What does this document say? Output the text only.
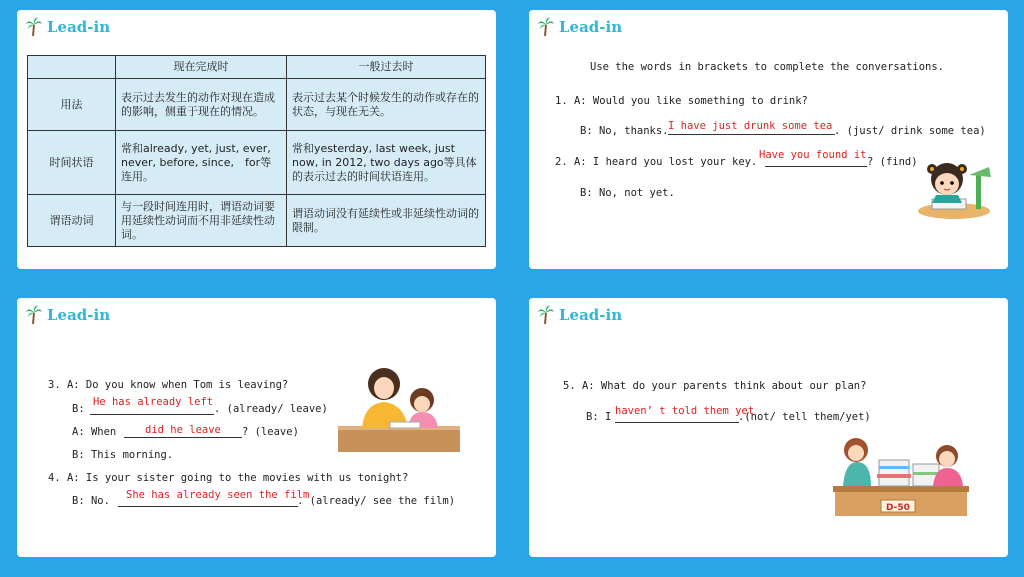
Lead-in
	现在完成时	一般过去时
用法	表示过去发生的动作对现在造成的影响，侧重于现在的情况。	表示过去某个时候发生的动作或存在的状态，与现在无关。
时间状语	常和already, yet, just, ever, never, before, since,　for等连用。	常和yesterday, last week, just now, in 2012, two days ago等具体的表示过去的时间状语连用。
谓语动词	与一段时间连用时，谓语动词要用延续性动词而不用非延续性动词。	谓语动词没有延续性或非延续性动词的限制。
Lead-in
Use the words in brackets to complete the conversations.
1. A: Would you like something to drink?
B: No, thanks. I have just drunk some tea . (just/ drink some tea)
2. A: I heard you lost your key.
Have you found it
? (find)
B: No, not yet.
Lead-in
3. A: Do you know when Tom is leaving?
B:
He has already left
. (already/ leave)
A: When	did he leave ? (leave)
B: This morning.
4. A: Is your sister going to the movies with us tonight?
B: No. She has already seen the film
. (already/ see the film)
Lead-in
5. A: What do your parents think about our plan?
B: I haven’ t told them yet
.(not/ tell them/yet)
D-50
